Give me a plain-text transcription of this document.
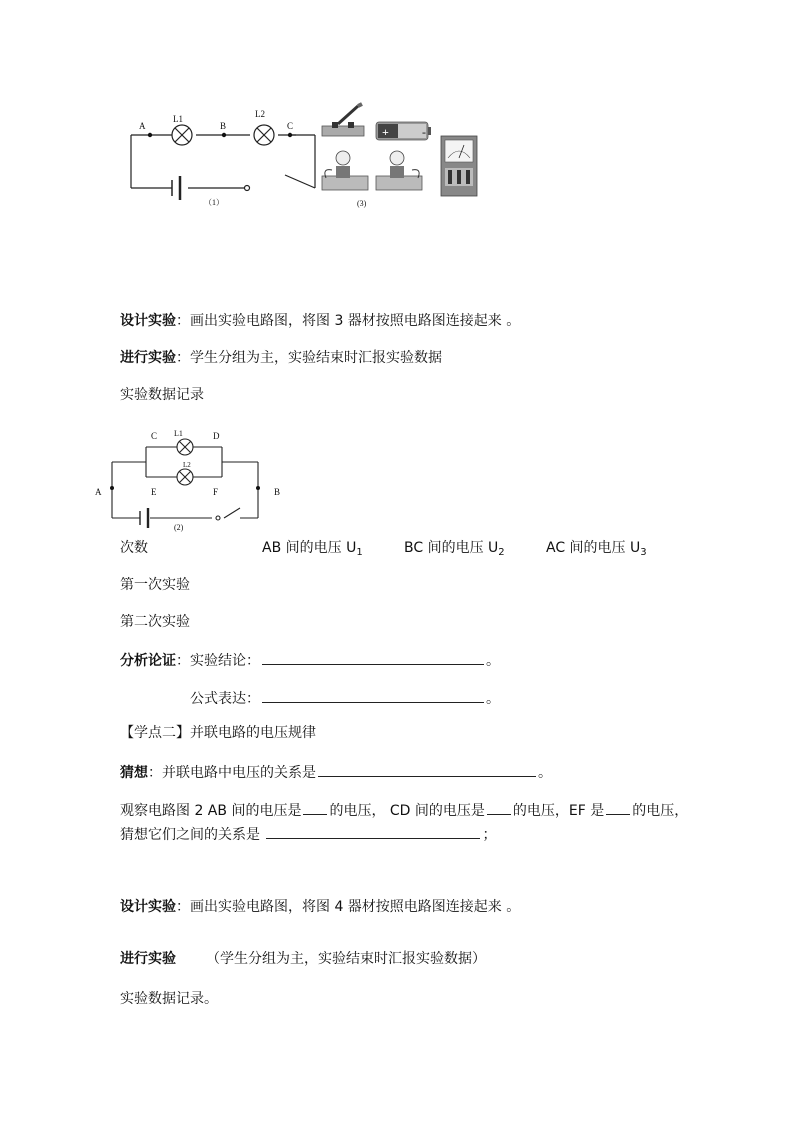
A
L1
B
L2
C
（1）
+	-
(3)
设计实验：画出实验电路图，将图 3 器材按照电路图连接起来 。
进行实验：学生分组为主，实验结束时汇报实验数据
实验数据记录
A
C L1	D
L2
E	F	B
(2)
次数	AB 间的电压 $U_1$	BC 间的电压 $U_2$	AC 间的电压 $U_3$
第一次实验
第二次实验
分析论证：实验结论：	。
公式表达：	。
【学点二】并联电路的电压规律
猜想：并联电路中电压的关系是	。
观察电路图 2 AB 间的电压是 的电压， CD 间的电压是 的电压，EF 是 的电压，
猜想它们之间的关系是	；
设计实验：画出实验电路图，将图 4 器材按照电路图连接起来 。
进行实验 （学生分组为主，实验结束时汇报实验数据）
实验数据记录。
